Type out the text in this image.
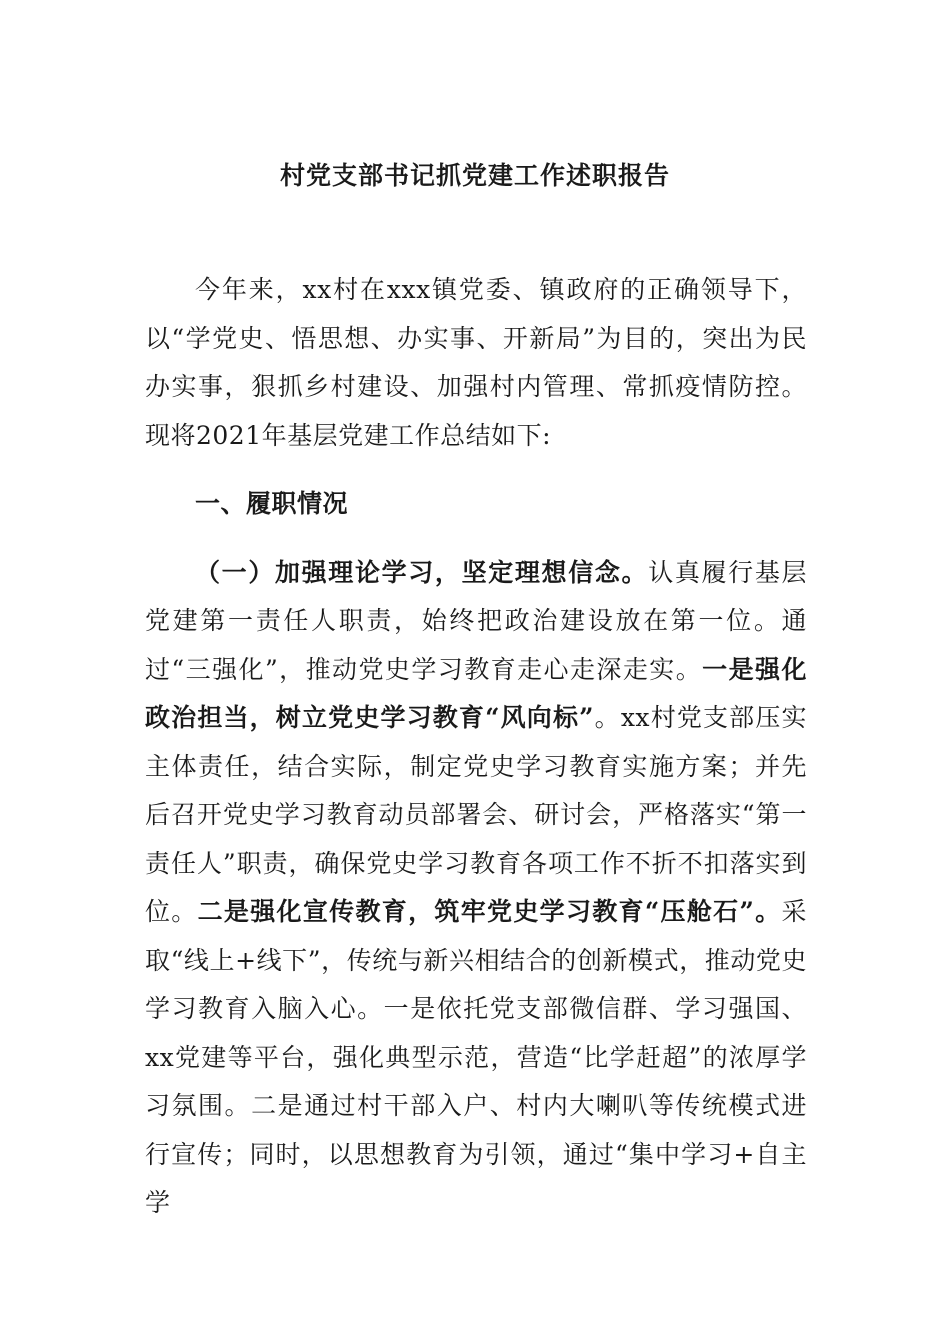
村党支部书记抓党建工作述职报告

今年来，xx村在xxx镇党委、镇政府的正确领导下，以“学党史、悟思想、办实事、开新局”为目的，突出为民办实事，狠抓乡村建设、加强村内管理、常抓疫情防控。现将2021年基层党建工作总结如下:

一、履职情况

（一）加强理论学习，坚定理想信念。认真履行基层党建第一责任人职责，始终把政治建设放在第一位。通过“三强化”，推动党史学习教育走心走深走实。一是强化政治担当，树立党史学习教育“风向标”。xx村党支部压实主体责任，结合实际，制定党史学习教育实施方案；并先后召开党史学习教育动员部署会、研讨会，严格落实“第一责任人”职责，确保党史学习教育各项工作不折不扣落实到位。二是强化宣传教育，筑牢党史学习教育“压舱石”。采取“线上+线下”，传统与新兴相结合的创新模式，推动党史学习教育入脑入心。一是依托党支部微信群、学习强国、xx党建等平台，强化典型示范，营造“比学赶超”的浓厚学习氛围。二是通过村干部入户、村内大喇叭等传统模式进行宣传；同时，以思想教育为引领，通过“集中学习+自主学
